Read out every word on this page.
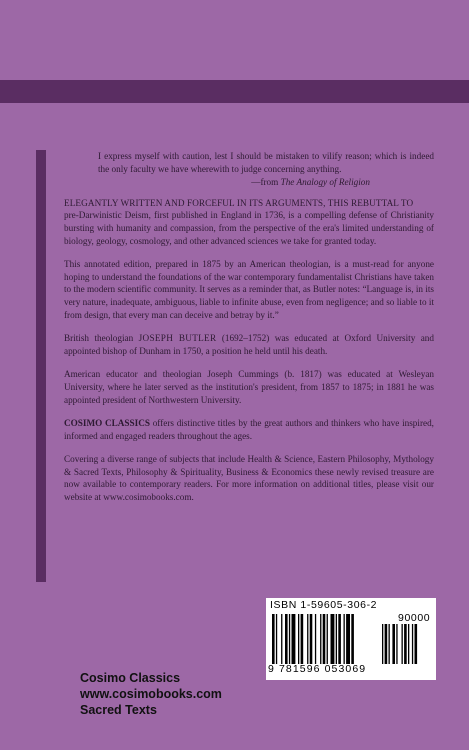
I express myself with caution, lest I should be mistaken to vilify reason; which is indeed the only faculty we have wherewith to judge concerning anything.
—from The Analogy of Religion

ELEGANTLY WRITTEN AND FORCEFUL IN ITS ARGUMENTS, THIS REBUTTAL TO
pre-Darwinistic Deism, first published in England in 1736, is a compelling defense of Christianity bursting with humanity and compassion, from the perspective of the era's limited understanding of biology, geology, cosmology, and other advanced sciences we take for granted today.

This annotated edition, prepared in 1875 by an American theologian, is a must-read for anyone hoping to understand the foundations of the war contemporary fundamentalist Christians have taken to the modern scientific community. It serves as a reminder that, as Butler notes: “Language is, in its very nature, inadequate, ambiguous, liable to infinite abuse, even from negligence; and so liable to it from design, that every man can deceive and betray by it.”

British theologian JOSEPH BUTLER (1692–1752) was educated at Oxford University and appointed bishop of Dunham in 1750, a position he held until his death.

American educator and theologian Joseph Cummings (b. 1817) was educated at Wesleyan University, where he later served as the institution's president, from 1857 to 1875; in 1881 he was appointed president of Northwestern University.

COSIMO CLASSICS offers distinctive titles by the great authors and thinkers who have inspired, informed and engaged readers throughout the ages.

Covering a diverse range of subjects that include Health & Science, Eastern Philosophy, Mythology & Sacred Texts, Philosophy & Spirituality, Business & Economics these newly revised treasure are now available to contemporary readers. For more information on additional titles, please visit our website at www.cosimobooks.com.

Cosimo Classics
www.cosimobooks.com
Sacred Texts
ISBN 1-59605-306-2
90000
9 781596 053069
